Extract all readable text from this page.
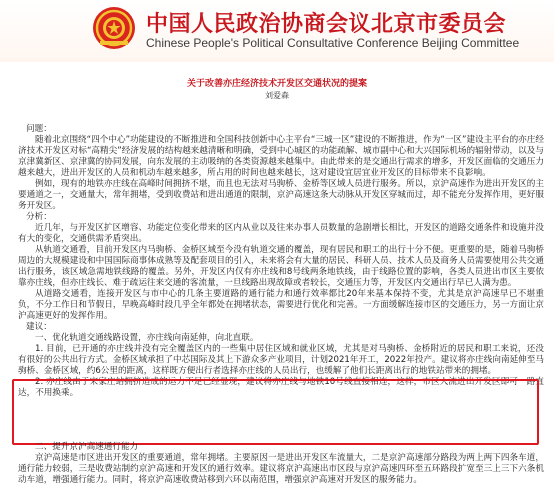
中国人民政治协商会议北京市委员会
Chinese People's Political Consultative Conference Beijing Committee
关于改善亦庄经济技术开发区交通状况的提案
刘爱森

问题：

随着北京围绕“四个中心”功能建设的不断推进和全国科技创新中心主平台“三城一区”建设的不断推进，作为“一区”建设主平台的亦庄经济技术开发区对标“高精尖”经济发展的结构越来越清晰和明确，受到中心城区的功能疏解、城市副中心和大兴国际机场的辐射带动，以及与京津冀新区、京津冀的协同发展，向东发展的主动吸纳的各类资源越来越集中。由此带来的是交通出行需求的增多，开发区面临的交通压力越来越大，进出开发区的人员和机动车越来越多，所占用的时间也越来越长，这对建设宜居宜业开发区的目标带来不良影响。

例如，现有的地铁亦庄线在高峰时间拥挤不堪，而且也无法对马驹桥、金桥等区域人员进行服务。所以，京沪高速作为进出开发区的主要通道之一，交通量大，常年拥堵，受到收费站和进出通道的限制，京沪高速这条大动脉从开发区穿城而过，却不能充分发挥作用，更好服务开发区。

分析：

近几年，与开发区扩区增容、功能定位变化带来的区内从业以及往来办事人员数量的急剧增长相比，开发区的道路交通条件和设施并没有大的变化，交通供需矛盾突出。

从轨道交通看，目前开发区内马驹桥、金桥区域至今没有轨道交通的覆盖，现有居民和职工的出行十分不便。更重要的是，随着马驹桥周边的大规模建设和中国国际商事体成熟等及配套项目的引入，未来将会有大量的居民、科研人员、技术人员及商务人员需要使用公共交通出行服务，该区域急需地铁线路的覆盖。另外，开发区内仅有亦庄线和8号线两条地铁线，由于线路位置的影响，各类人员进出市区主要依靠亦庄线，但亦庄线长、难于疏运往来交通的客流量，一旦线路出现故障或者较长，交通压力等，开发区内交通出行早已人满为患。

从道路交通看，连接开发区与市中心的几条主要道路的通行能力和通行效率都比20年来基本保持不变，尤其是京沪高速早已不堪重负，不分工作日和节假日，早晚高峰时段几乎全年都处在拥堵状态，需要进行优化和完善。一方面缓解连接市区的交通压力，另一方面让京沪高速更好的发挥作用。

建议：

一、优化轨道交通线路设置，亦庄线向南延伸，向北直联。

1. 目前，已开通的亦庄线并没有完全覆盖区内的一些集中居住区域和就业区域，尤其是对马驹桥、金桥附近的居民和职工来说，还没有很好的公共出行方式。金桥区域承担了中芯国际及其上下游众多产业项目，计划2021年开工，2022年投产。建议将亦庄线向南延伸至马驹桥、金桥区域，约6公里的距离，这样既方便出行者选择亦庄线的人员出行，也缓解了他们长距离出行的地铁站带来的拥堵。

2. 亦庄线由于宋家庄站拥挤造成的运力不足已经显现，建议将亦庄线与地铁10号线直接相连，这样，市区人流进出开发区即可一路直达，不用换乘。

二、提升京沪高速通行能力

京沪高速是市区进出开发区的重要通道，常年拥堵。主要原因一是进出开发区车流量大，二是京沪高速部分路段为两上两下四条车道，通行能力较弱，三是收费站制约京沪高速和开发区的通行效率。建议将京沪高速出市区段与京沪高速四环至五环路段扩宽至三上三下六条机动车道，增强通行能力。同时，将京沪高速收费站移到六环以南范围，增强京沪高速对开发区的服务能力。
